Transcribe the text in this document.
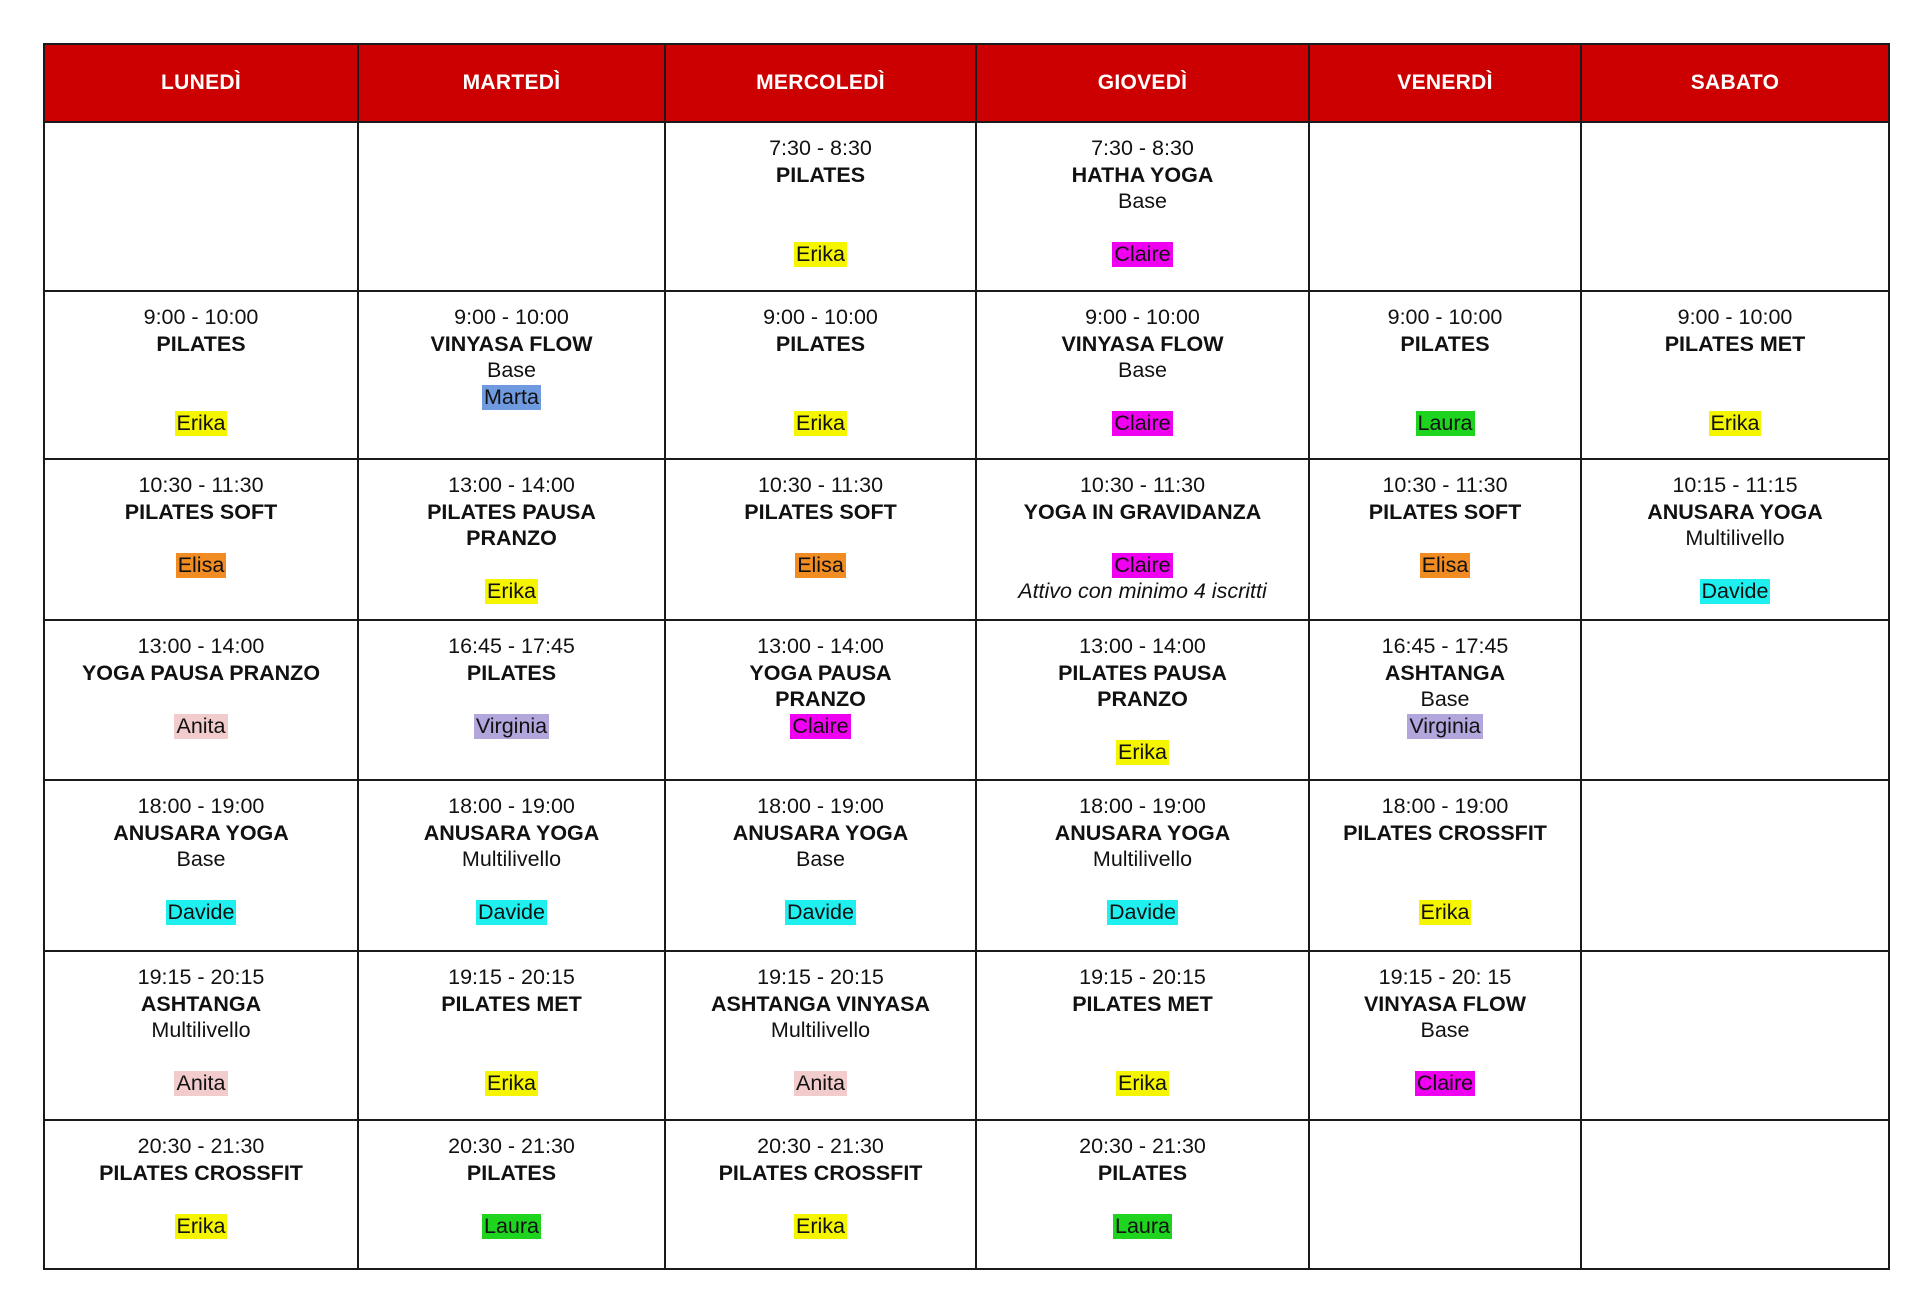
LUNEDÌ	MARTEDÌ	MERCOLEDÌ	GIOVEDÌ	VENERDÌ	SABATO

		7:30 - 8:30
PILATES
Erika	7:30 - 8:30
HATHA YOGA
Base
Claire		

9:00 - 10:00
PILATES
Erika	9:00 - 10:00
VINYASA FLOW
Base
Marta	9:00 - 10:00
PILATES
Erika	9:00 - 10:00
VINYASA FLOW
Base
Claire	9:00 - 10:00
PILATES
Laura	9:00 - 10:00
PILATES MET
Erika

10:30 - 11:30
PILATES SOFT
Elisa	13:00 - 14:00
PILATES PAUSA
PRANZO
Erika	10:30 - 11:30
PILATES SOFT
Elisa	10:30 - 11:30
YOGA IN GRAVIDANZA
Claire
Attivo con minimo 4 iscritti	10:30 - 11:30
PILATES SOFT
Elisa	10:15 - 11:15
ANUSARA YOGA
Multilivello
Davide

13:00 - 14:00
YOGA PAUSA PRANZO
Anita	16:45 - 17:45
PILATES
Virginia	13:00 - 14:00
YOGA PAUSA
PRANZO
Claire	13:00 - 14:00
PILATES PAUSA
PRANZO
Erika	16:45 - 17:45
ASHTANGA
Base
Virginia	

18:00 - 19:00
ANUSARA YOGA
Base
Davide	18:00 - 19:00
ANUSARA YOGA
Multilivello
Davide	18:00 - 19:00
ANUSARA YOGA
Base
Davide	18:00 - 19:00
ANUSARA YOGA
Multilivello
Davide	18:00 - 19:00
PILATES CROSSFIT
Erika	

19:15 - 20:15
ASHTANGA
Multilivello
Anita	19:15 - 20:15
PILATES MET
Erika	19:15 - 20:15
ASHTANGA VINYASA
Multilivello
Anita	19:15 - 20:15
PILATES MET
Erika	19:15 - 20: 15
VINYASA FLOW
Base
Claire	

20:30 - 21:30
PILATES CROSSFIT
Erika	20:30 - 21:30
PILATES
Laura	20:30 - 21:30
PILATES CROSSFIT
Erika	20:30 - 21:30
PILATES
Laura		
